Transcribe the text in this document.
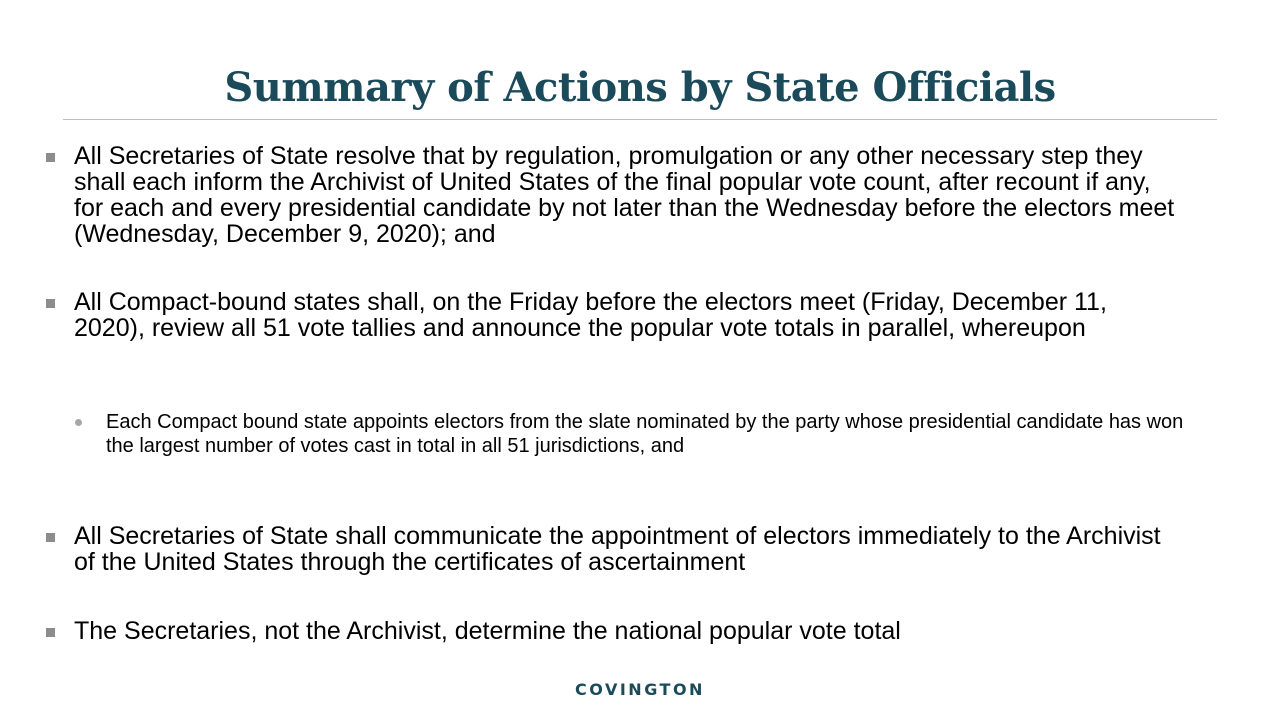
Summary of Actions by State Officials
All Secretaries of State resolve that by regulation, promulgation or any other necessary step they shall each inform the Archivist of United States of the final popular vote count, after recount if any, for each and every presidential candidate by not later than the Wednesday before the electors meet (Wednesday, December 9, 2020); and
All Compact-bound states shall, on the Friday before the electors meet (Friday, December 11, 2020), review all 51 vote tallies and announce the popular vote totals in parallel, whereupon
Each Compact bound state appoints electors from the slate nominated by the party whose presidential candidate has won the largest number of votes cast in total in all 51 jurisdictions, and
All Secretaries of State shall communicate the appointment of electors immediately to the Archivist of the United States through the certificates of ascertainment
The Secretaries, not the Archivist, determine the national popular vote total
COVINGTON
